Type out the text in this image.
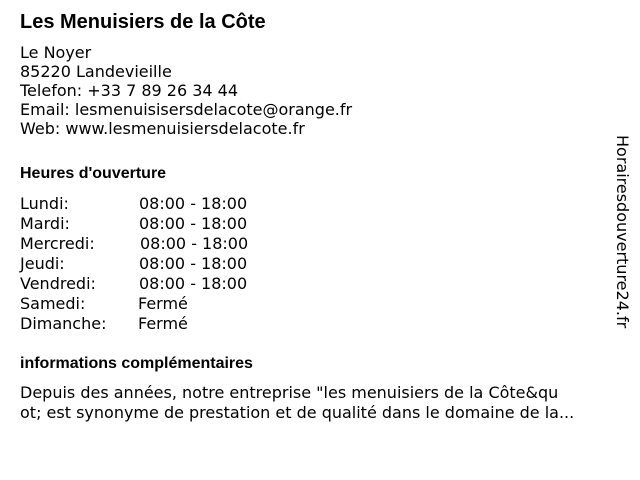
Les Menuisiers de la Côte
Le Noyer
85220 Landevieille
Telefon: +33 7 89 26 34 44
Email: lesmenuisisersdelacote@orange.fr
Web: www.lesmenuisiersdelacote.fr
Heures d'ouverture
Lundi:	08:00 - 18:00
Mardi:	08:00 - 18:00
Mercredi:	08:00 - 18:00
Jeudi:	08:00 - 18:00
Vendredi:	08:00 - 18:00
Samedi:	Fermé
Dimanche: Fermé
informations complémentaires
Depuis des années, notre entreprise "les menuisiers de la Côte&qu
ot; est synonyme de prestation et de qualité dans le domaine de la...
Horairesdouverture24.fr
